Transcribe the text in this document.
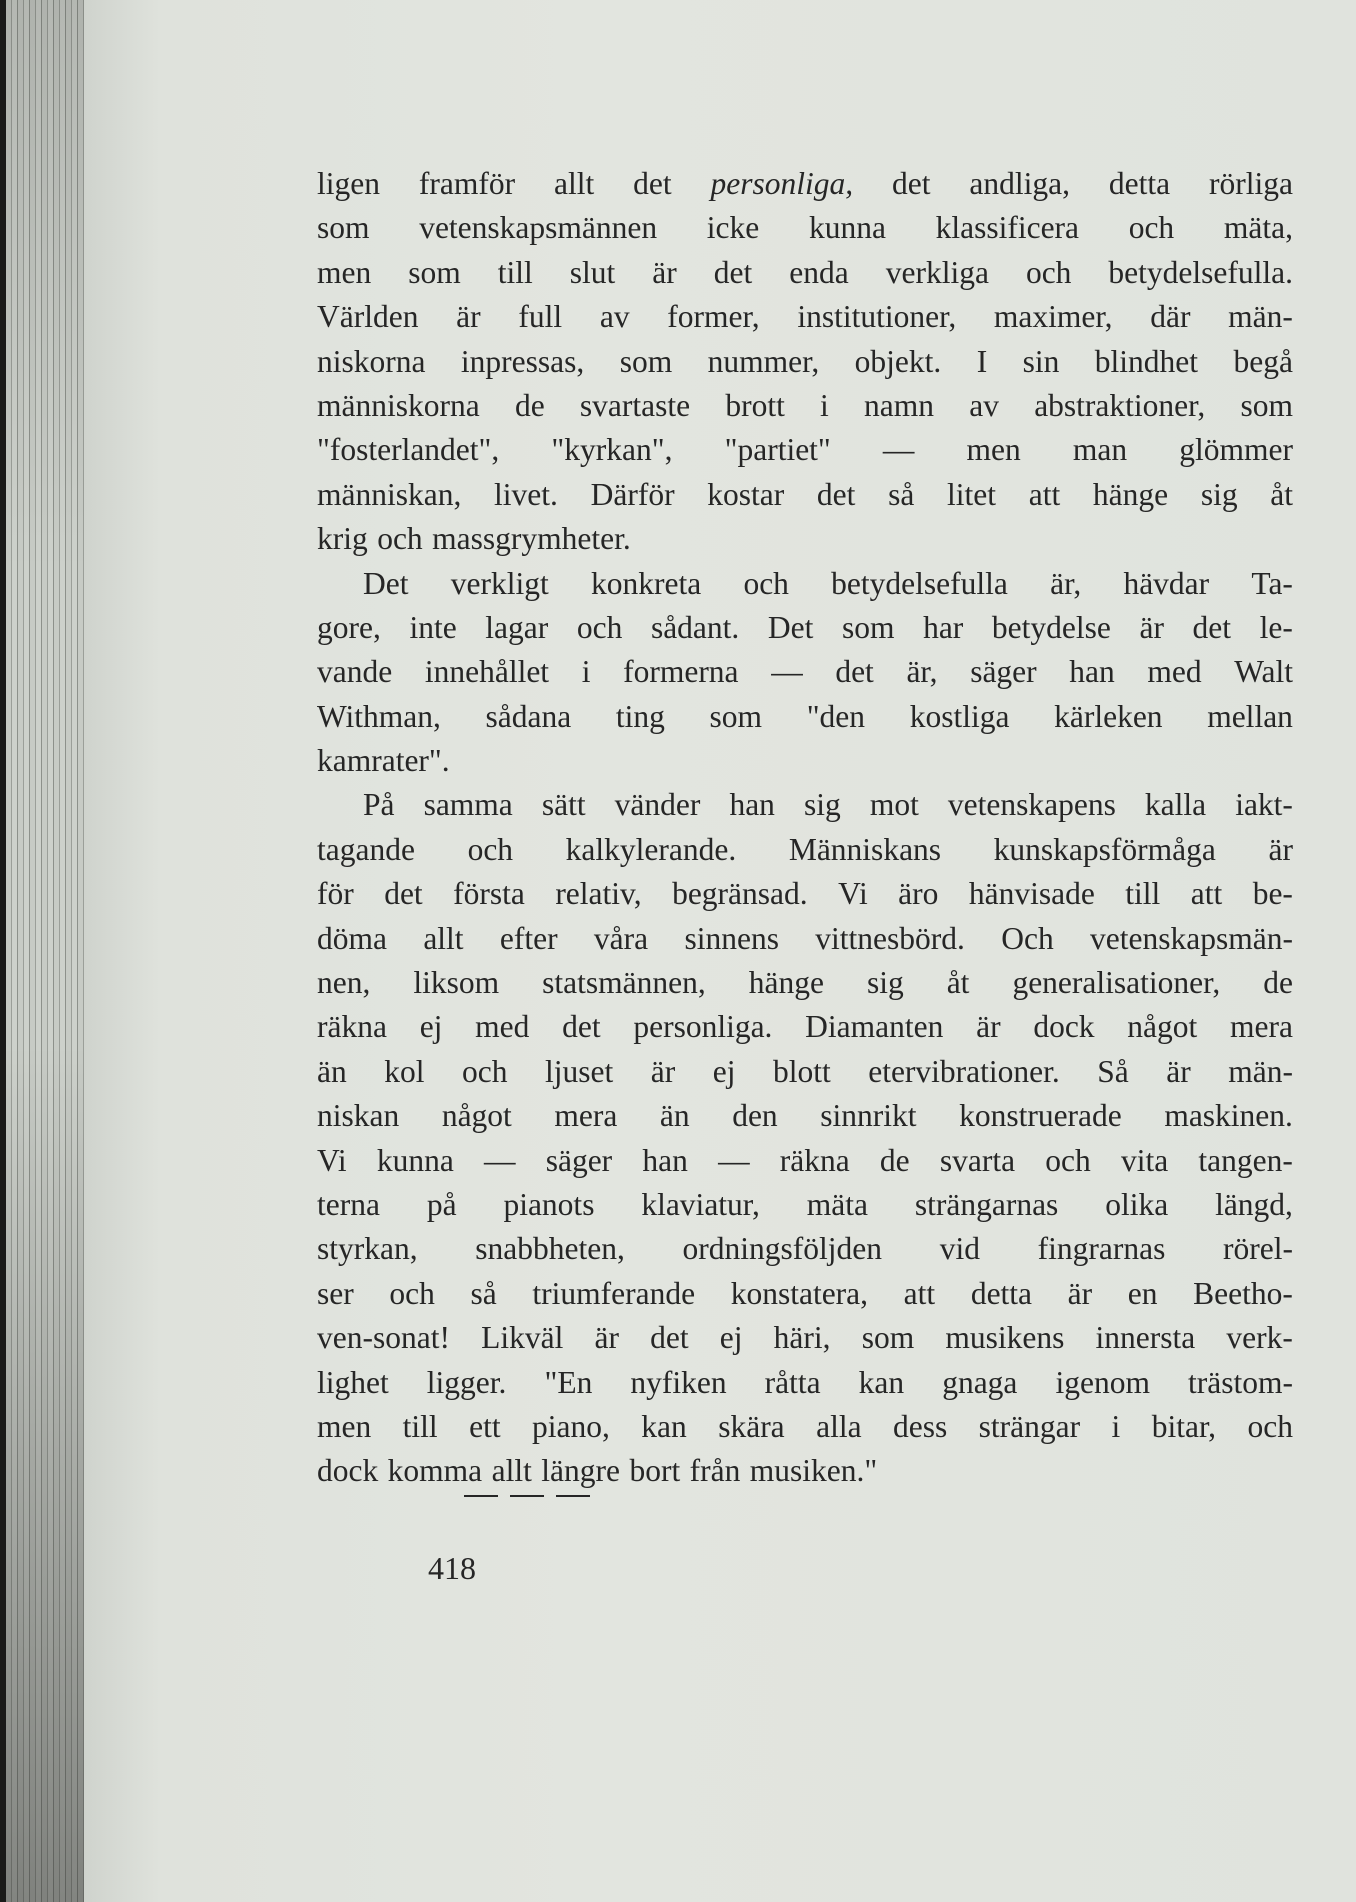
ligen framför allt det personliga, det andliga, detta rörliga
som vetenskapsmännen icke kunna klassificera och mäta,
men som till slut är det enda verkliga och betydelsefulla.
Världen är full av former, institutioner, maximer, där män-
niskorna inpressas, som nummer, objekt. I sin blindhet begå
människorna de svartaste brott i namn av abstraktioner, som
"fosterlandet", "kyrkan", "partiet" — men man glömmer
människan, livet. Därför kostar det så litet att hänge sig åt
krig och massgrymheter.
Det verkligt konkreta och betydelsefulla är, hävdar Ta-
gore, inte lagar och sådant. Det som har betydelse är det le-
vande innehållet i formerna — det är, säger han med Walt
Withman, sådana ting som "den kostliga kärleken mellan
kamrater".
På samma sätt vänder han sig mot vetenskapens kalla iakt-
tagande och kalkylerande. Människans kunskapsförmåga är
för det första relativ, begränsad. Vi äro hänvisade till att be-
döma allt efter våra sinnens vittnesbörd. Och vetenskapsmän-
nen, liksom statsmännen, hänge sig åt generalisationer, de
räkna ej med det personliga. Diamanten är dock något mera
än kol och ljuset är ej blott etervibrationer. Så är män-
niskan något mera än den sinnrikt konstruerade maskinen.
Vi kunna — säger han — räkna de svarta och vita tangen-
terna på pianots klaviatur, mäta strängarnas olika längd,
styrkan, snabbheten, ordningsföljden vid fingrarnas rörel-
ser och så triumferande konstatera, att detta är en Beetho-
ven-sonat! Likväl är det ej häri, som musikens innersta verk-
lighet ligger. "En nyfiken råtta kan gnaga igenom trästom-
men till ett piano, kan skära alla dess strängar i bitar, och
dock komma allt längre bort från musiken."
418
